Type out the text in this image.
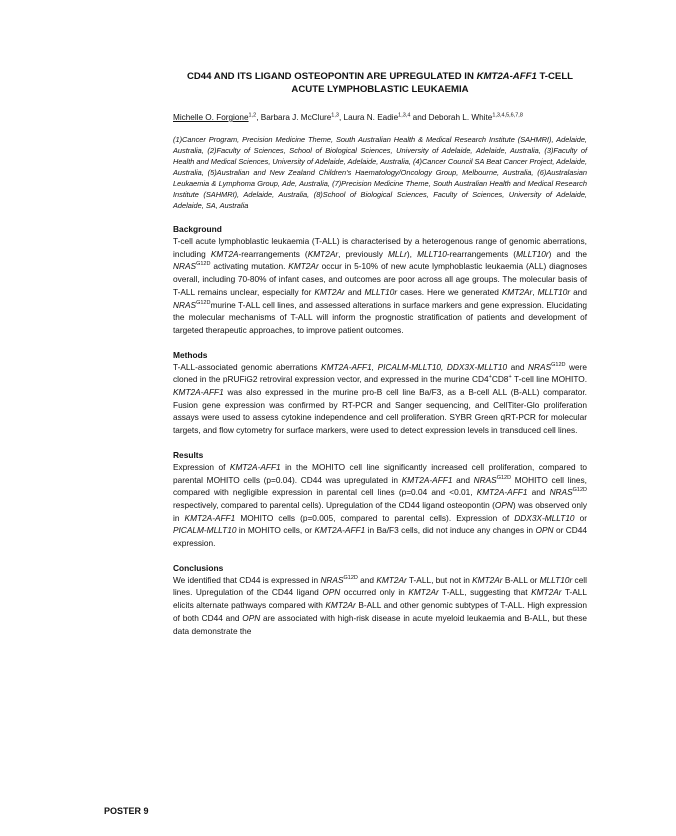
CD44 AND ITS LIGAND OSTEOPONTIN ARE UPREGULATED IN KMT2A-AFF1 T-CELL
ACUTE LYMPHOBLASTIC LEUKAEMIA
Michelle O. Forgione$^{1,2}$, Barbara J. McClure$^{1,3}$, Laura N. Eadie$^{1,3,4}$ and Deborah L. White$^{1,3,4,5,6,7,8}$
(1)Cancer Program, Precision Medicine Theme, South Australian Health & Medical Research Institute (SAHMRI), Adelaide, Australia, (2)Faculty of Sciences, School of Biological Sciences, University of Adelaide, Adelaide, Australia, (3)Faculty of Health and Medical Sciences, University of Adelaide, Adelaide, Australia, (4)Cancer Council SA Beat Cancer Project, Adelaide, Australia, (5)Australian and New Zealand Children's Haematology/Oncology Group, Melbourne, Australia, (6)Australasian Leukaemia & Lymphoma Group, Ade, Australia, (7)Precision Medicine Theme, South Australian Health and Medical Research Institute (SAHMRI), Adelaide, Australia, (8)School of Biological Sciences, Faculty of Sciences, University of Adelaide, Adelaide, SA, Australia
Background

T-cell acute lymphoblastic leukaemia (T-ALL) is characterised by a heterogenous range of genomic aberrations, including KMT2A-rearrangements (KMT2Ar, previously MLLr), MLLT10-rearrangements (MLLT10r) and the $NRAS^{G12D}$ activating mutation. KMT2Ar occur in 5-10% of new acute lymphoblastic leukaemia (ALL) diagnoses overall, including 70-80% of infant cases, and outcomes are poor across all age groups. The molecular basis of T-ALL remains unclear, especially for KMT2Ar and MLLT10r cases. Here we generated KMT2Ar, MLLT10r and $NRAS^{G12D}murine$ T-ALL cell lines, and assessed alterations in surface markers and gene expression. Elucidating the molecular mechanisms of T-ALL will inform the prognostic stratification of patients and development of targeted therapeutic approaches, to improve patient outcomes.

Methods

T-ALL-associated genomic aberrations KMT2A-AFF1, PICALM-MLLT10, DDX3X-MLLT10 and $NRAS^{G12D}$ were cloned in the pRUFiG2 retroviral expression vector, and expressed in the murine CD4+CD8+ T-cell line MOHITO. KMT2A-AFF1 was also expressed in the murine pro-B cell line Ba/F3, as a B-cell ALL (B-ALL) comparator. Fusion gene expression was confirmed by RT-PCR and Sanger sequencing, and CellTiter-Glo proliferation assays were used to assess cytokine independence and cell proliferation. SYBR Green qRT-PCR for molecular targets, and flow cytometry for surface markers, were used to detect expression levels in transduced cell lines.

Results

Expression of KMT2A-AFF1 in the MOHITO cell line significantly increased cell proliferation, compared to parental MOHITO cells (p=0.04). CD44 was upregulated in KMT2A-AFF1 and $NRAS^{G12D}$ MOHITO cell lines, compared with negligible expression in parental cell lines (p=0.04 and <0.01, KMT2A-AFF1 and $NRAS^{G12D}$ respectively, compared to parental cells). Upregulation of the CD44 ligand osteopontin (OPN) was observed only in KMT2A-AFF1 MOHITO cells (p=0.005, compared to parental cells). Expression of DDX3X-MLLT10 or PICALM-MLLT10 in MOHITO cells, or KMT2A-AFF1 in Ba/F3 cells, did not induce any changes in OPN or CD44 expression.

Conclusions

We identified that CD44 is expressed in $NRAS^{G12D}$ and KMT2Ar T-ALL, but not in KMT2Ar B-ALL or MLLT10r cell lines. Upregulation of the CD44 ligand OPN occurred only in KMT2Ar T-ALL, suggesting that KMT2Ar T-ALL elicits alternate pathways compared with KMT2Ar B-ALL and other genomic subtypes of T-ALL. High expression of both CD44 and OPN are associated with high-risk disease in acute myeloid leukaemia and B-ALL, but these data demonstrate the

POSTER 9
